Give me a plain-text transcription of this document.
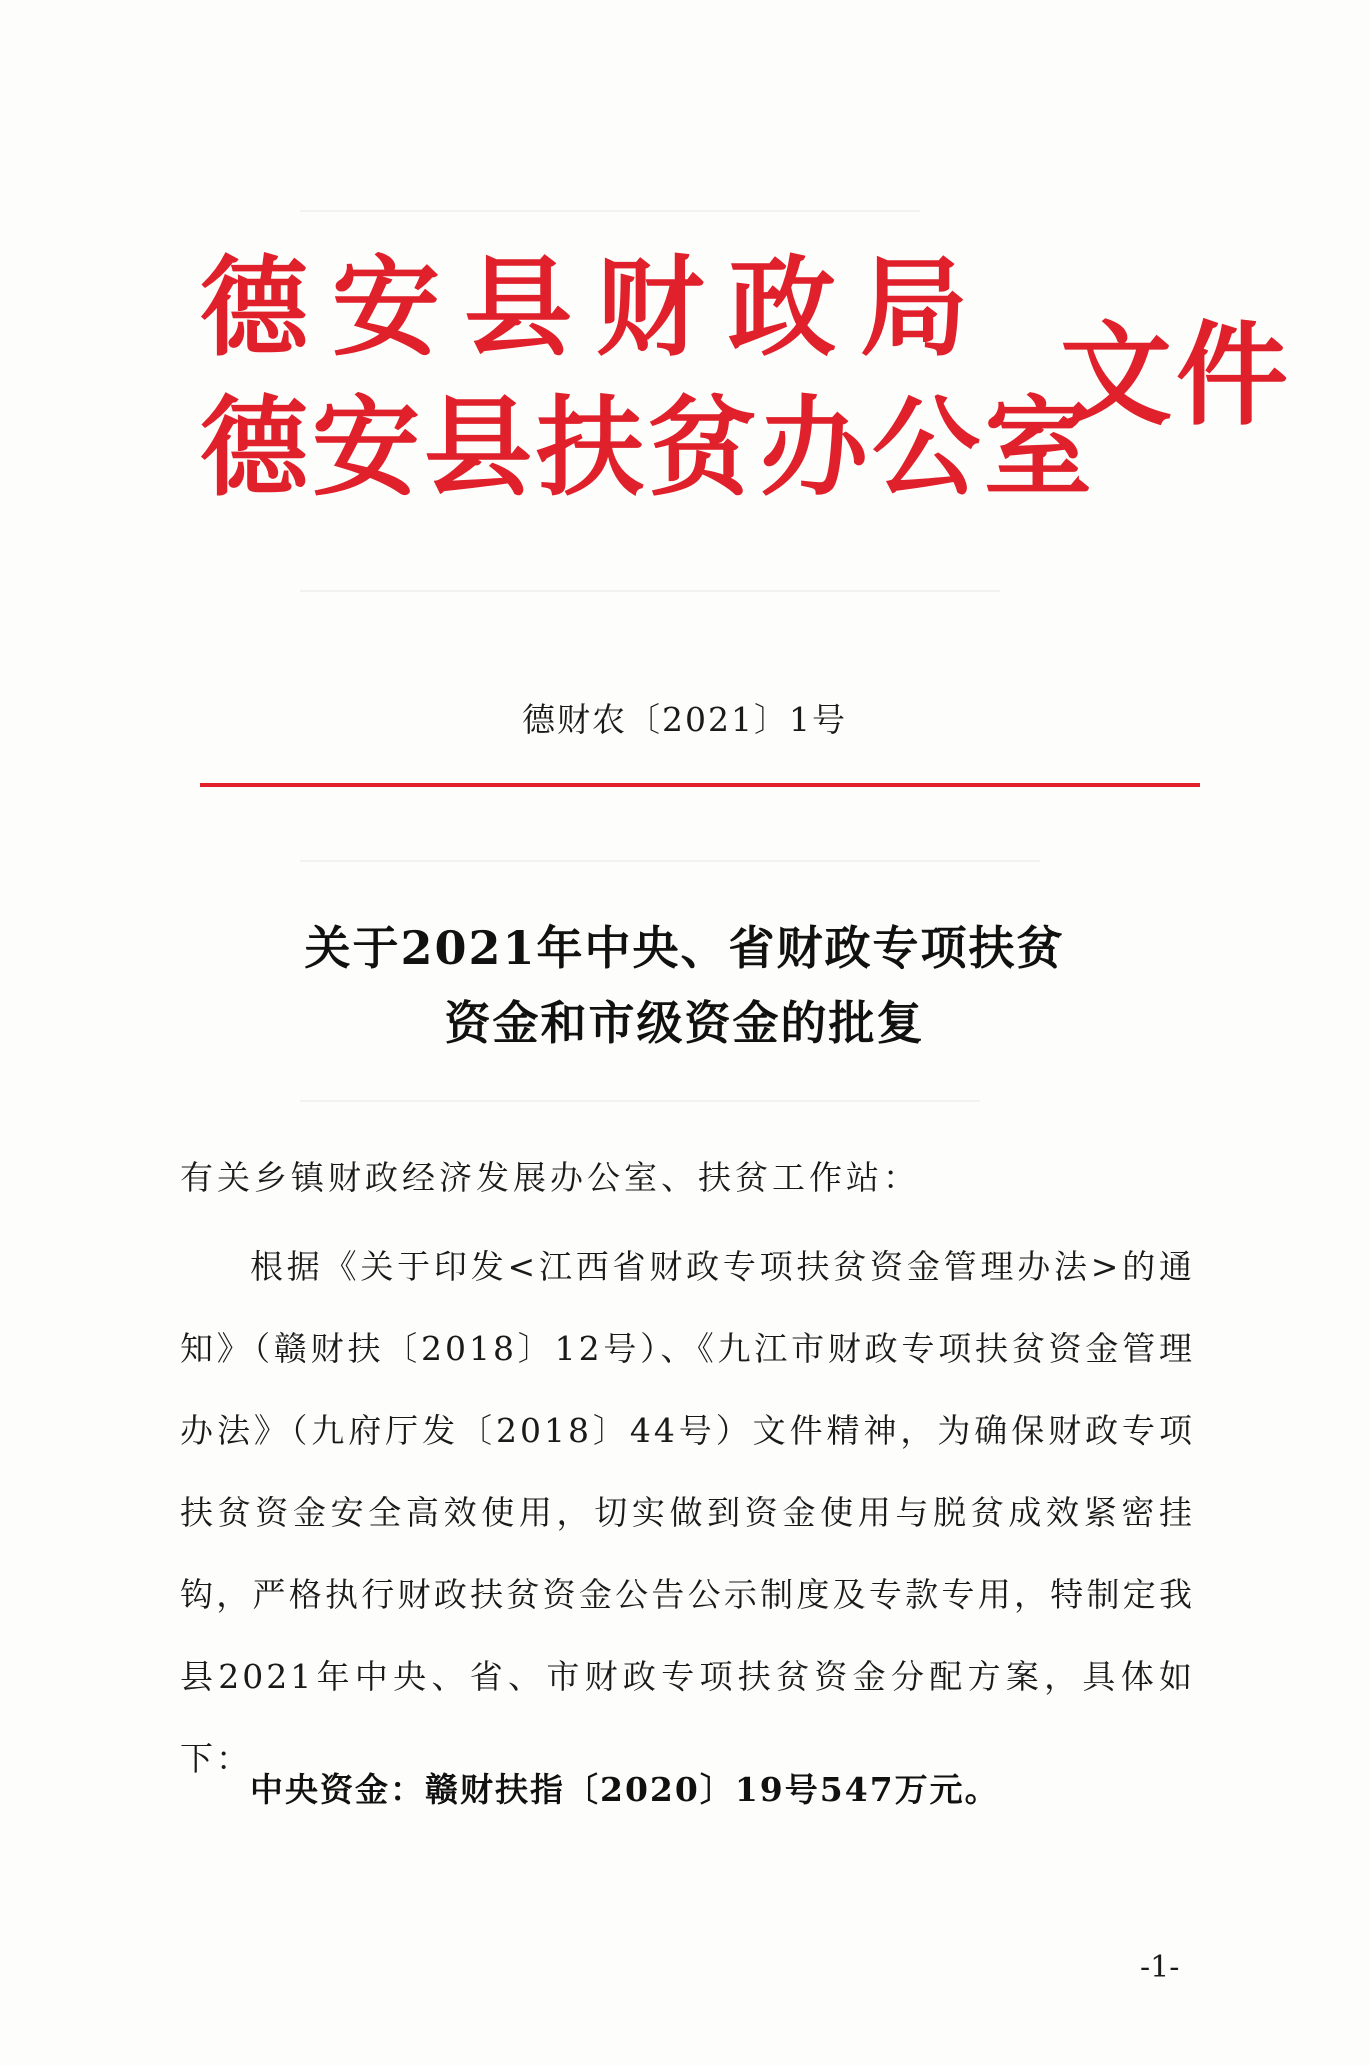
德安县财政局
德安县扶贫办公室
文件
德财农〔2021〕1号
关于2021年中央、省财政专项扶贫
资金和市级资金的批复
有关乡镇财政经济发展办公室、扶贫工作站：
根据《关于印发<江西省财政专项扶贫资金管理办法>的通知》（赣财扶〔2018〕12号）、《九江市财政专项扶贫资金管理办法》（九府厅发〔2018〕44号）文件精神，为确保财政专项扶贫资金安全高效使用，切实做到资金使用与脱贫成效紧密挂钩，严格执行财政扶贫资金公告公示制度及专款专用，特制定我县2021年中央、省、市财政专项扶贫资金分配方案，具体如下：
中央资金：赣财扶指〔2020〕19号547万元。
-1-
